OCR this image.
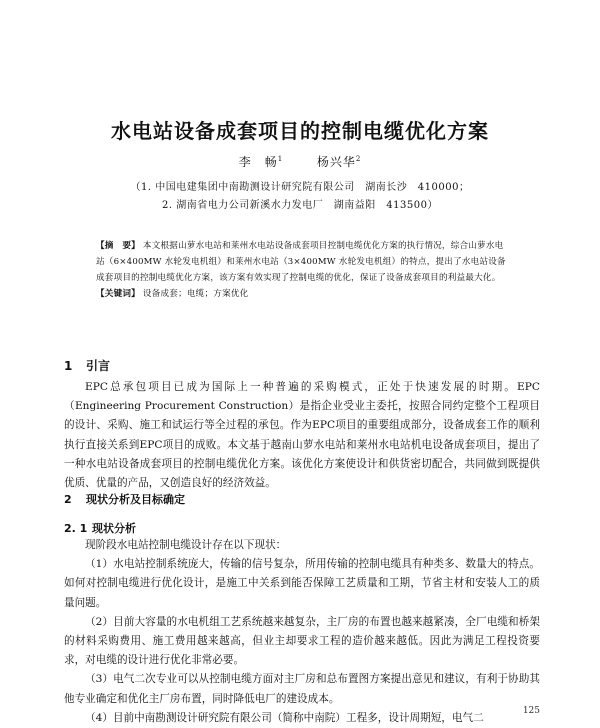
水电站设备成套项目的控制电缆优化方案
李　畅$^1$	杨兴华$^2$
（1. 中国电建集团中南勘测设计研究院有限公司　湖南长沙　410000；
2. 湖南省电力公司新溪水力发电厂　湖南益阳　413500）

【摘　要】 本文根据山萝水电站和莱州水电站设备成套项目控制电缆优化方案的执行情况，综合山萝水电站（6×400MW 水轮发电机组）和莱州水电站（3×400MW 水轮发电机组）的特点，提出了水电站设备成套项目的控制电缆优化方案，该方案有效实现了控制电缆的优化，保证了设备成套项目的利益最大化。

【关键词】 设备成套；电缆；方案优化

1 引言

EPC总承包项目已成为国际上一种普遍的采购模式，正处于快速发展的时期。EPC（Engineering Procurement Construction）是指企业受业主委托，按照合同约定整个工程项目的设计、采购、施工和试运行等全过程的承包。作为EPC项目的重要组成部分，设备成套工作的顺利执行直接关系到EPC项目的成败。本文基于越南山萝水电站和莱州水电站机电设备成套项目，提出了一种水电站设备成套项目的控制电缆优化方案。该优化方案使设计和供货密切配合，共同做到既提供优质、优量的产品，又创造良好的经济效益。

2 现状分析及目标确定
2. 1 现状分析

现阶段水电站控制电缆设计存在以下现状：

（1）水电站控制系统庞大，传输的信号复杂，所用传输的控制电缆具有种类多、数量大的特点。如何对控制电缆进行优化设计，是施工中关系到能否保障工艺质量和工期，节省主材和安装人工的质量问题。

（2）目前大容量的水电机组工艺系统越来越复杂，主厂房的布置也越来越紧凑，全厂电缆和桥架的材料采购费用、施工费用越来越高，但业主却要求工程的造价越来越低。因此为满足工程投资要求，对电缆的设计进行优化非常必要。

（3）电气二次专业可以从控制电缆方面对主厂房和总布置图方案提出意见和建议，有利于协助其他专业确定和优化主厂房布置，同时降低电厂的建设成本。

（4）目前中南勘测设计研究院有限公司（简称中南院）工程多，设计周期短，电气二

125
